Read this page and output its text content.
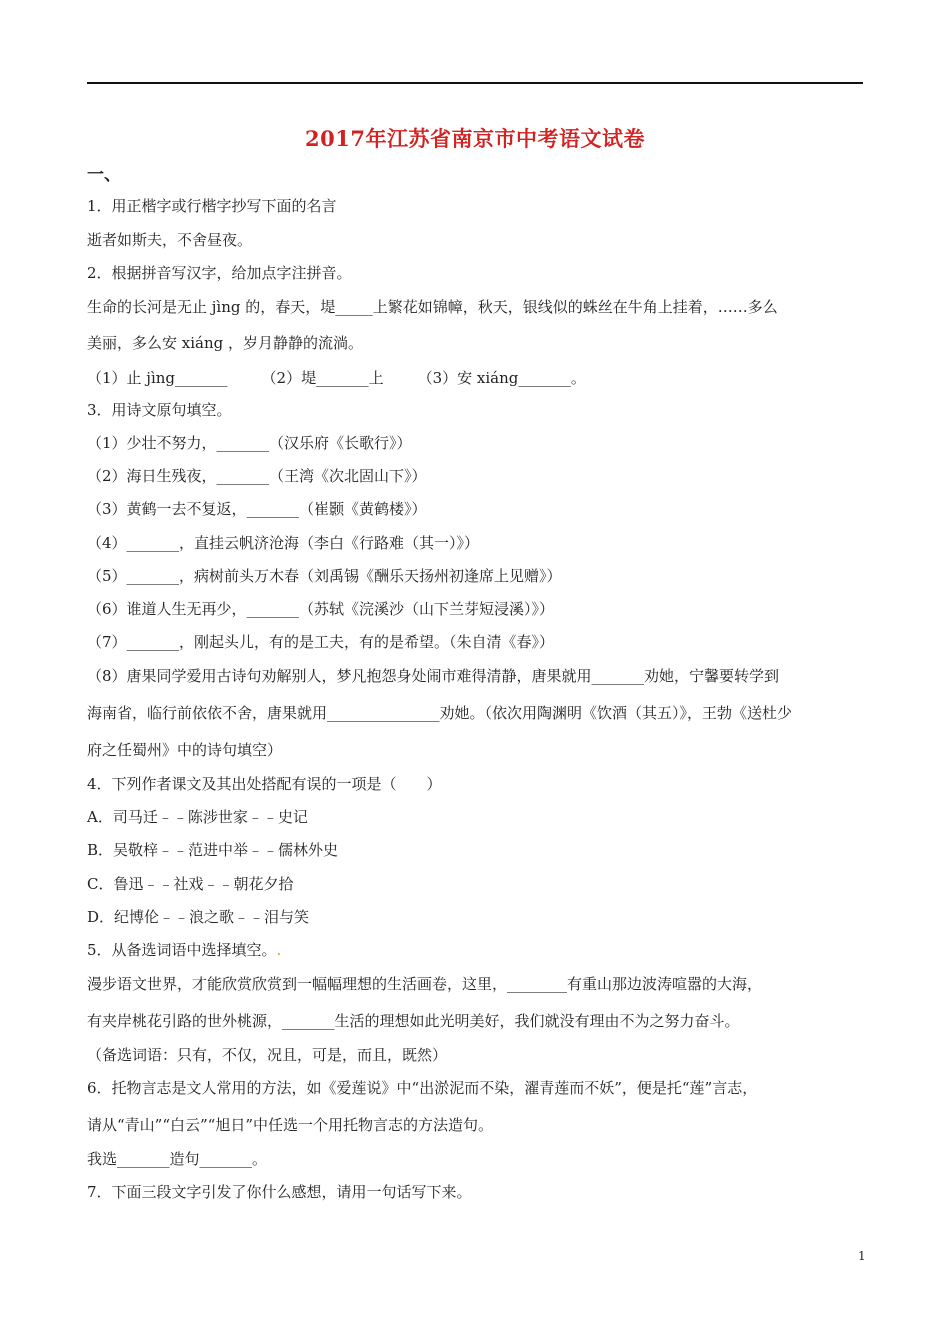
2017年江苏省南京市中考语文试卷
一、
1．用正楷字或行楷字抄写下面的名言
逝者如斯夫，不舍昼夜。
2．根据拼音写汉字，给加点字注拼音。
生命的长河是无止 jìng 的，春天，堤_____上繁花如锦幛，秋天，银线似的蛛丝在牛角上挂着，……多么
美丽，多么安 xiáng ，岁月静静的流淌。
（1）止 jìng_______ （2）堤_______上 （3）安 xiáng_______。
3．用诗文原句填空。
（1）少壮不努力，_______（汉乐府《长歌行》）
（2）海日生残夜，_______（王湾《次北固山下》）
（3）黄鹤一去不复返，_______（崔颢《黄鹤楼》）
（4）_______，直挂云帆济沧海（李白《行路难（其一）》）
（5）_______，病树前头万木春（刘禹锡《酬乐天扬州初逢席上见赠》）
（6）谁道人生无再少，_______（苏轼《浣溪沙（山下兰芽短浸溪）》）
（7）_______，刚起头儿，有的是工夫，有的是希望。（朱自清《春》）
（8）唐果同学爱用古诗句劝解别人，梦凡抱怨身处闹市难得清静，唐果就用_______劝她，宁馨要转学到
海南省，临行前依依不舍，唐果就用_______________劝她。（依次用陶渊明《饮酒（其五）》，王勃《送杜少
府之任蜀州》中的诗句填空）
4．下列作者课文及其出处搭配有误的一项是（　　）
A．司马迁﹣﹣陈涉世家﹣﹣史记
B．吴敬梓﹣﹣范进中举﹣﹣儒林外史
C．鲁迅﹣﹣社戏﹣﹣朝花夕拾
D．纪博伦﹣﹣浪之歌﹣﹣泪与笑
5．从备选词语中选择填空。.
漫步语文世界，才能欣赏欣赏到一幅幅理想的生活画卷，这里，________有重山那边波涛喧嚣的大海，
有夹岸桃花引路的世外桃源，_______生活的理想如此光明美好，我们就没有理由不为之努力奋斗。
（备选词语：只有，不仅，况且，可是，而且，既然）
6．托物言志是文人常用的方法，如《爱莲说》中“出淤泥而不染，濯青莲而不妖”，便是托“莲”言志，
请从“青山”“白云”“旭日”中任选一个用托物言志的方法造句。
我选_______造句_______。
7．下面三段文字引发了你什么感想，请用一句话写下来。
1
